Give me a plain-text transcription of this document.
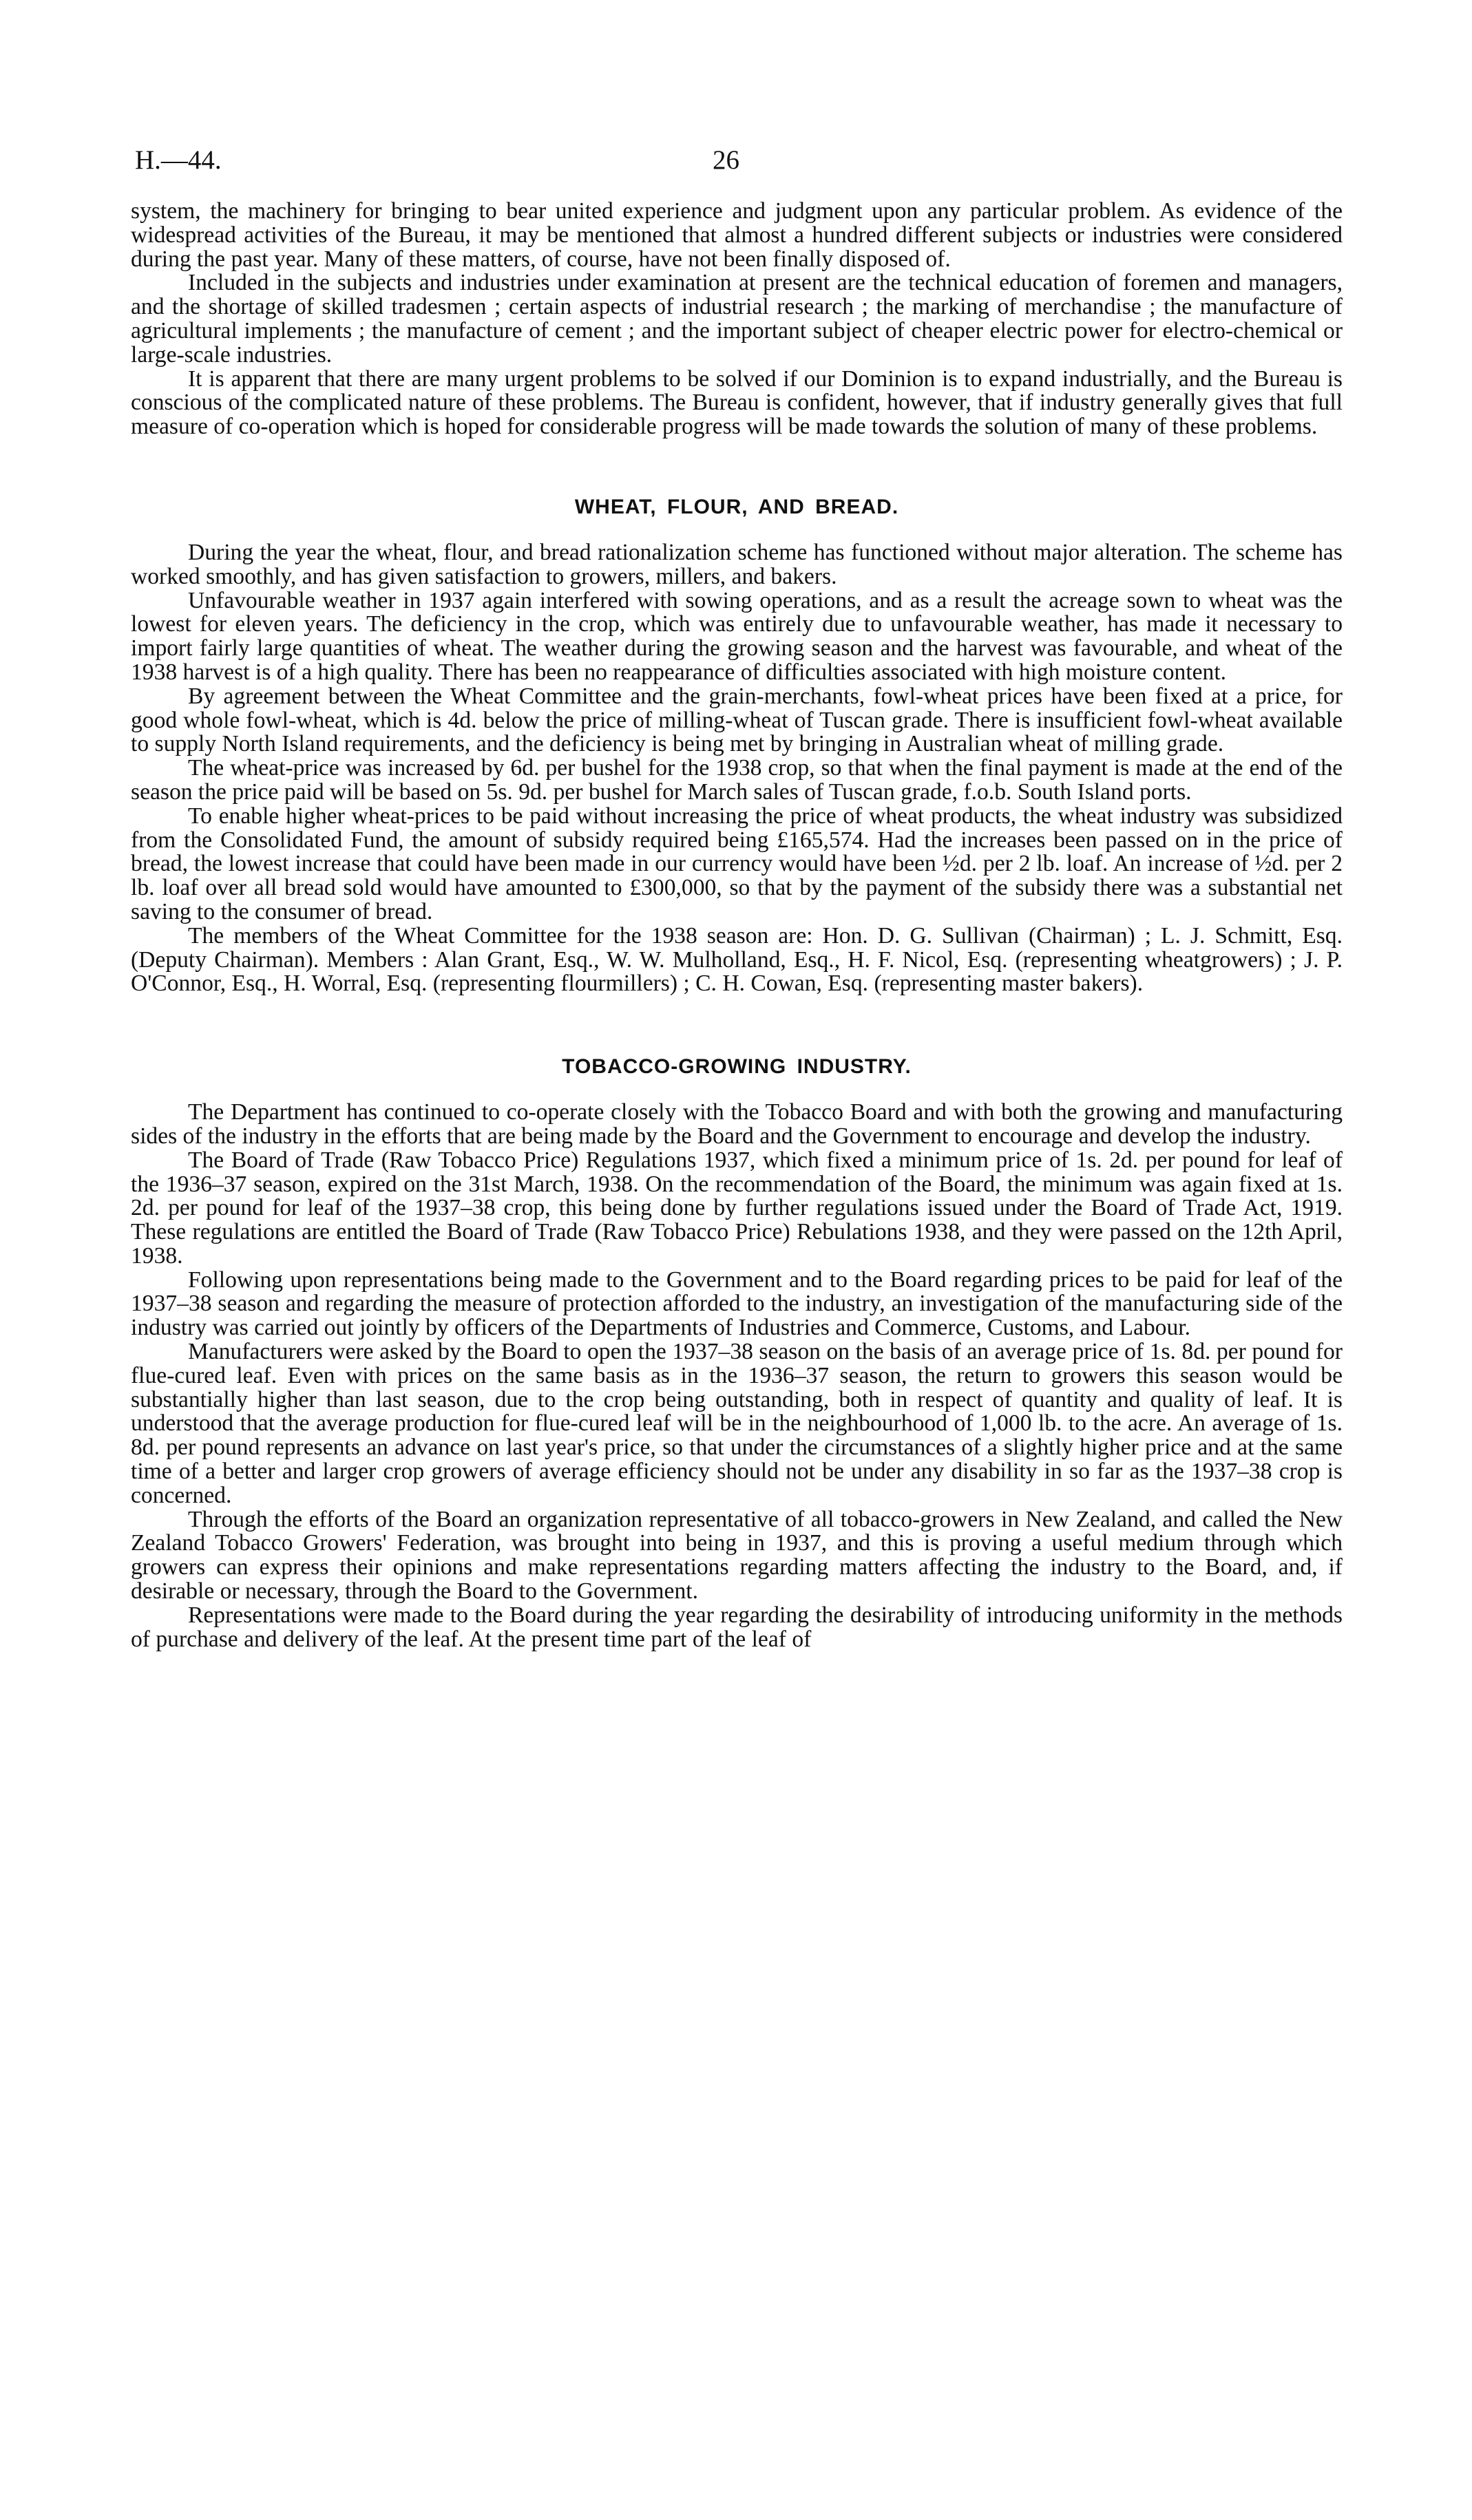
H.—44.	26

system, the machinery for bringing to bear united experience and judgment upon any particular problem. As evidence of the widespread activities of the Bureau, it may be mentioned that almost a hundred different subjects or industries were considered during the past year. Many of these matters, of course, have not been finally disposed of.

Included in the subjects and industries under examination at present are the technical education of foremen and managers, and the shortage of skilled tradesmen ; certain aspects of industrial research ; the marking of merchandise ; the manufacture of agricultural implements ; the manufacture of cement ; and the important subject of cheaper electric power for electro-chemical or large-scale industries.

It is apparent that there are many urgent problems to be solved if our Dominion is to expand industrially, and the Bureau is conscious of the complicated nature of these problems. The Bureau is confident, however, that if industry generally gives that full measure of co-operation which is hoped for considerable progress will be made towards the solution of many of these problems.

WHEAT, FLOUR, AND BREAD.

During the year the wheat, flour, and bread rationalization scheme has functioned without major alteration. The scheme has worked smoothly, and has given satisfaction to growers, millers, and bakers.

Unfavourable weather in 1937 again interfered with sowing operations, and as a result the acreage sown to wheat was the lowest for eleven years. The deficiency in the crop, which was entirely due to unfavourable weather, has made it necessary to import fairly large quantities of wheat. The weather during the growing season and the harvest was favourable, and wheat of the 1938 harvest is of a high quality. There has been no reappearance of difficulties associated with high moisture content.

By agreement between the Wheat Committee and the grain-merchants, fowl-wheat prices have been fixed at a price, for good whole fowl-wheat, which is 4d. below the price of milling-wheat of Tuscan grade. There is insufficient fowl-wheat available to supply North Island requirements, and the deficiency is being met by bringing in Australian wheat of milling grade.

The wheat-price was increased by 6d. per bushel for the 1938 crop, so that when the final payment is made at the end of the season the price paid will be based on 5s. 9d. per bushel for March sales of Tuscan grade, f.o.b. South Island ports.

To enable higher wheat-prices to be paid without increasing the price of wheat products, the wheat industry was subsidized from the Consolidated Fund, the amount of subsidy required being £165,574. Had the increases been passed on in the price of bread, the lowest increase that could have been made in our currency would have been ½d. per 2 lb. loaf. An increase of ½d. per 2 lb. loaf over all bread sold would have amounted to £300,000, so that by the payment of the subsidy there was a substantial net saving to the consumer of bread.

The members of the Wheat Committee for the 1938 season are: Hon. D. G. Sullivan (Chairman) ; L. J. Schmitt, Esq. (Deputy Chairman). Members : Alan Grant, Esq., W. W. Mulholland, Esq., H. F. Nicol, Esq. (representing wheatgrowers) ; J. P. O'Connor, Esq., H. Worral, Esq. (representing flourmillers) ; C. H. Cowan, Esq. (representing master bakers).

TOBACCO-GROWING INDUSTRY.

The Department has continued to co-operate closely with the Tobacco Board and with both the growing and manufacturing sides of the industry in the efforts that are being made by the Board and the Government to encourage and develop the industry.

The Board of Trade (Raw Tobacco Price) Regulations 1937, which fixed a minimum price of 1s. 2d. per pound for leaf of the 1936–37 season, expired on the 31st March, 1938. On the recommendation of the Board, the minimum was again fixed at 1s. 2d. per pound for leaf of the 1937–38 crop, this being done by further regulations issued under the Board of Trade Act, 1919. These regulations are entitled the Board of Trade (Raw Tobacco Price) Rebulations 1938, and they were passed on the 12th April, 1938.

Following upon representations being made to the Government and to the Board regarding prices to be paid for leaf of the 1937–38 season and regarding the measure of protection afforded to the industry, an investigation of the manufacturing side of the industry was carried out jointly by officers of the Departments of Industries and Commerce, Customs, and Labour.

Manufacturers were asked by the Board to open the 1937–38 season on the basis of an average price of 1s. 8d. per pound for flue-cured leaf. Even with prices on the same basis as in the 1936–37 season, the return to growers this season would be substantially higher than last season, due to the crop being outstanding, both in respect of quantity and quality of leaf. It is understood that the average production for flue-cured leaf will be in the neighbourhood of 1,000 lb. to the acre. An average of 1s. 8d. per pound represents an advance on last year's price, so that under the circumstances of a slightly higher price and at the same time of a better and larger crop growers of average efficiency should not be under any disability in so far as the 1937–38 crop is concerned.

Through the efforts of the Board an organization representative of all tobacco-growers in New Zealand, and called the New Zealand Tobacco Growers' Federation, was brought into being in 1937, and this is proving a useful medium through which growers can express their opinions and make representations regarding matters affecting the industry to the Board, and, if desirable or necessary, through the Board to the Government.

Representations were made to the Board during the year regarding the desirability of introducing uniformity in the methods of purchase and delivery of the leaf. At the present time part of the leaf of
